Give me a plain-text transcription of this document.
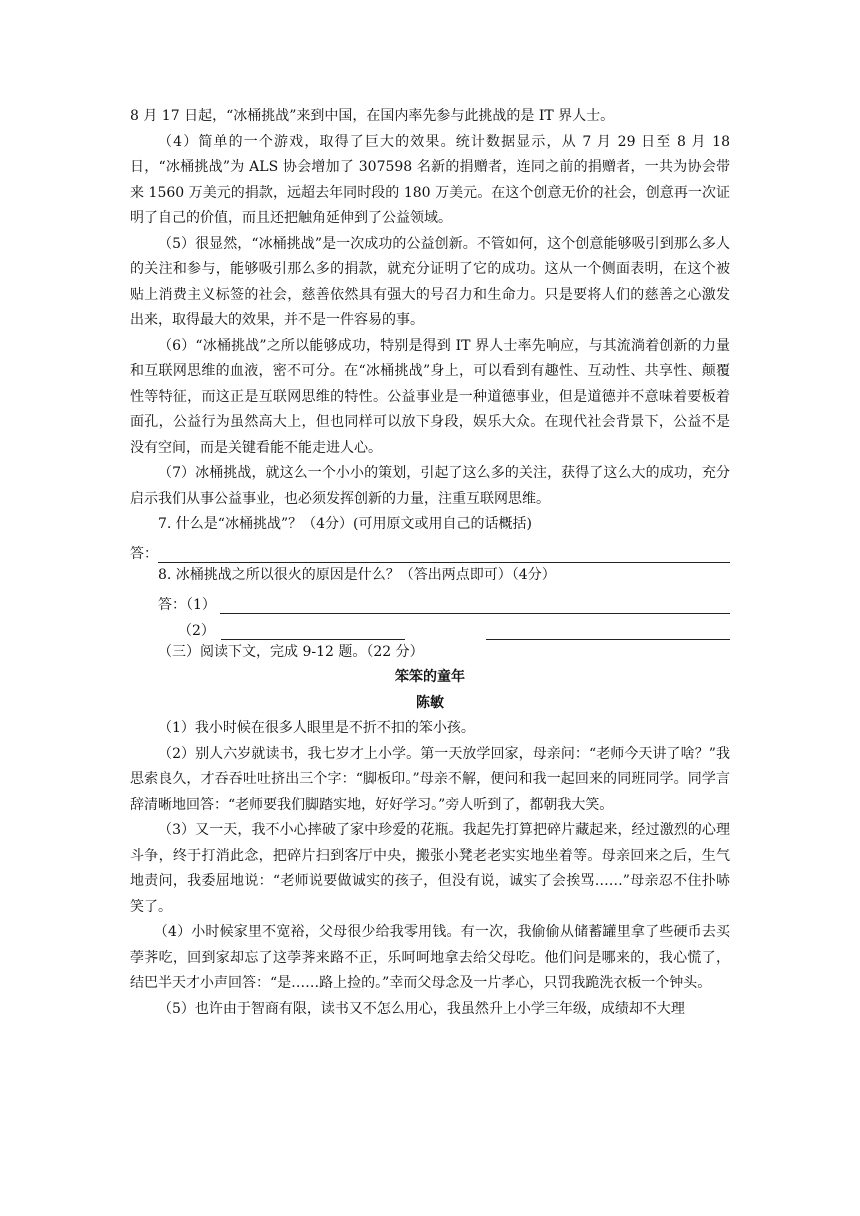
8 月 17 日起，“冰桶挑战”来到中国，在国内率先参与此挑战的是 IT 界人士。

（4）简单的一个游戏，取得了巨大的效果。统计数据显示，从 7 月 29 日至 8 月 18 日，“冰桶挑战”为 ALS 协会增加了 307598 名新的捐赠者，连同之前的捐赠者，一共为协会带来 1560 万美元的捐款，远超去年同时段的 180 万美元。在这个创意无价的社会，创意再一次证明了自己的价值，而且还把触角延伸到了公益领域。

（5）很显然，“冰桶挑战”是一次成功的公益创新。不管如何，这个创意能够吸引到那么多人的关注和参与，能够吸引那么多的捐款，就充分证明了它的成功。这从一个侧面表明，在这个被贴上消费主义标签的社会，慈善依然具有强大的号召力和生命力。只是要将人们的慈善之心激发出来，取得最大的效果，并不是一件容易的事。

（6）“冰桶挑战”之所以能够成功，特别是得到 IT 界人士率先响应，与其流淌着创新的力量和互联网思维的血液，密不可分。在“冰桶挑战”身上，可以看到有趣性、互动性、共享性、颠覆性等特征，而这正是互联网思维的特性。公益事业是一种道德事业，但是道德并不意味着要板着面孔，公益行为虽然高大上，但也同样可以放下身段，娱乐大众。在现代社会背景下，公益不是没有空间，而是关键看能不能走进人心。

（7）冰桶挑战，就这么一个小小的策划，引起了这么多的关注，获得了这么大的成功，充分启示我们从事公益事业，也必须发挥创新的力量，注重互联网思维。

7. 什么是“冰桶挑战”？（4分）(可用原文或用自己的话概括)

答：

8. 冰桶挑战之所以很火的原因是什么？（答出两点即可）（4分）

答：（1）
（2）

（三）阅读下文，完成 9-12 题。（22 分）

笨笨的童年

陈敏

（1）我小时候在很多人眼里是不折不扣的笨小孩。

（2）别人六岁就读书，我七岁才上小学。第一天放学回家，母亲问：“老师今天讲了啥？”我思索良久，才吞吞吐吐挤出三个字：“脚板印。”母亲不解，便问和我一起回来的同班同学。同学言辞清晰地回答：“老师要我们脚踏实地，好好学习。”旁人听到了，都朝我大笑。

（3）又一天，我不小心摔破了家中珍爱的花瓶。我起先打算把碎片藏起来，经过激烈的心理斗争，终于打消此念，把碎片扫到客厅中央，搬张小凳老老实实地坐着等。母亲回来之后，生气地责问，我委屈地说：“老师说要做诚实的孩子，但没有说，诚实了会挨骂……”母亲忍不住扑哧笑了。

（4）小时候家里不宽裕，父母很少给我零用钱。有一次，我偷偷从储蓄罐里拿了些硬币去买荸荠吃，回到家却忘了这荸荠来路不正，乐呵呵地拿去给父母吃。他们问是哪来的，我心慌了，结巴半天才小声回答：“是……路上捡的。”幸而父母念及一片孝心，只罚我跪洗衣板一个钟头。

（5）也许由于智商有限，读书又不怎么用心，我虽然升上小学三年级，成绩却不大理
